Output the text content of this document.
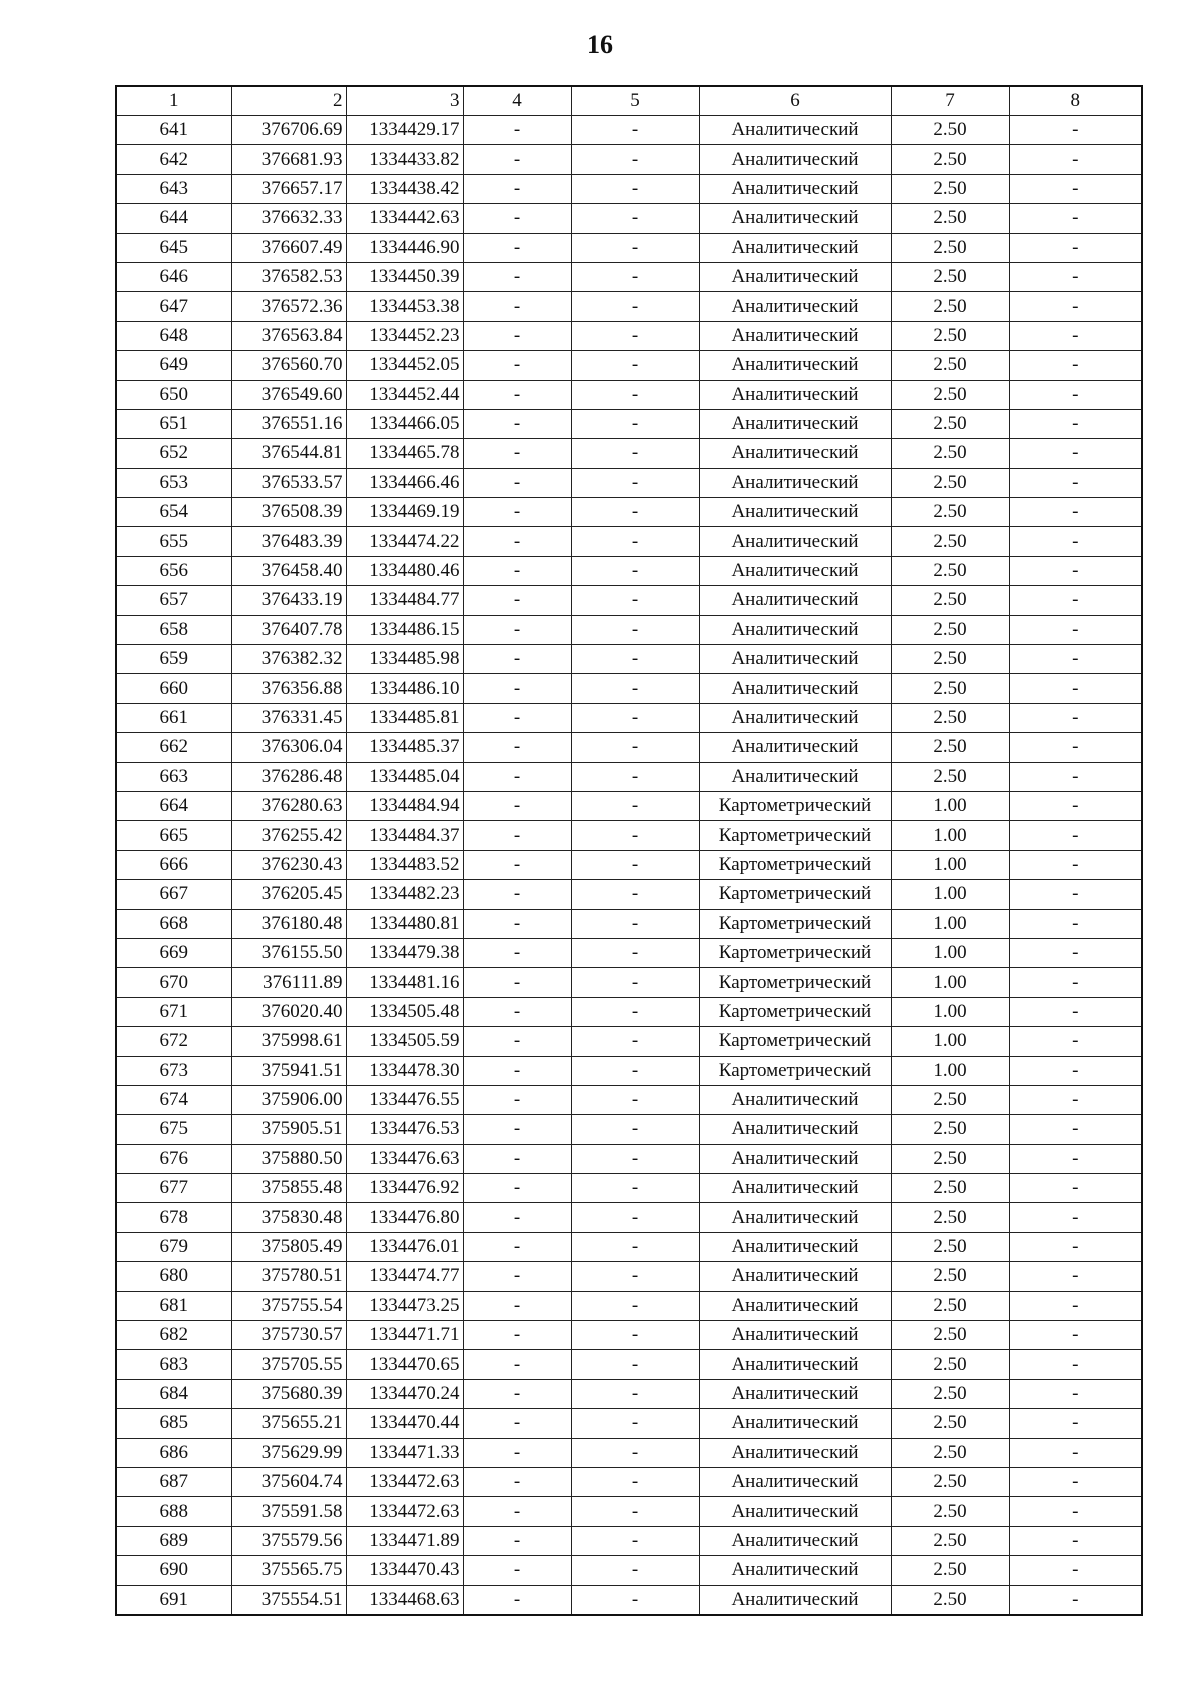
16
1	2	3	4	5	6	7	8
641	376706.69	1334429.17	-	-	Аналитический	2.50	-
642	376681.93	1334433.82	-	-	Аналитический	2.50	-
643	376657.17	1334438.42	-	-	Аналитический	2.50	-
644	376632.33	1334442.63	-	-	Аналитический	2.50	-
645	376607.49	1334446.90	-	-	Аналитический	2.50	-
646	376582.53	1334450.39	-	-	Аналитический	2.50	-
647	376572.36	1334453.38	-	-	Аналитический	2.50	-
648	376563.84	1334452.23	-	-	Аналитический	2.50	-
649	376560.70	1334452.05	-	-	Аналитический	2.50	-
650	376549.60	1334452.44	-	-	Аналитический	2.50	-
651	376551.16	1334466.05	-	-	Аналитический	2.50	-
652	376544.81	1334465.78	-	-	Аналитический	2.50	-
653	376533.57	1334466.46	-	-	Аналитический	2.50	-
654	376508.39	1334469.19	-	-	Аналитический	2.50	-
655	376483.39	1334474.22	-	-	Аналитический	2.50	-
656	376458.40	1334480.46	-	-	Аналитический	2.50	-
657	376433.19	1334484.77	-	-	Аналитический	2.50	-
658	376407.78	1334486.15	-	-	Аналитический	2.50	-
659	376382.32	1334485.98	-	-	Аналитический	2.50	-
660	376356.88	1334486.10	-	-	Аналитический	2.50	-
661	376331.45	1334485.81	-	-	Аналитический	2.50	-
662	376306.04	1334485.37	-	-	Аналитический	2.50	-
663	376286.48	1334485.04	-	-	Аналитический	2.50	-
664	376280.63	1334484.94	-	-	Картометрический	1.00	-
665	376255.42	1334484.37	-	-	Картометрический	1.00	-
666	376230.43	1334483.52	-	-	Картометрический	1.00	-
667	376205.45	1334482.23	-	-	Картометрический	1.00	-
668	376180.48	1334480.81	-	-	Картометрический	1.00	-
669	376155.50	1334479.38	-	-	Картометрический	1.00	-
670	376111.89	1334481.16	-	-	Картометрический	1.00	-
671	376020.40	1334505.48	-	-	Картометрический	1.00	-
672	375998.61	1334505.59	-	-	Картометрический	1.00	-
673	375941.51	1334478.30	-	-	Картометрический	1.00	-
674	375906.00	1334476.55	-	-	Аналитический	2.50	-
675	375905.51	1334476.53	-	-	Аналитический	2.50	-
676	375880.50	1334476.63	-	-	Аналитический	2.50	-
677	375855.48	1334476.92	-	-	Аналитический	2.50	-
678	375830.48	1334476.80	-	-	Аналитический	2.50	-
679	375805.49	1334476.01	-	-	Аналитический	2.50	-
680	375780.51	1334474.77	-	-	Аналитический	2.50	-
681	375755.54	1334473.25	-	-	Аналитический	2.50	-
682	375730.57	1334471.71	-	-	Аналитический	2.50	-
683	375705.55	1334470.65	-	-	Аналитический	2.50	-
684	375680.39	1334470.24	-	-	Аналитический	2.50	-
685	375655.21	1334470.44	-	-	Аналитический	2.50	-
686	375629.99	1334471.33	-	-	Аналитический	2.50	-
687	375604.74	1334472.63	-	-	Аналитический	2.50	-
688	375591.58	1334472.63	-	-	Аналитический	2.50	-
689	375579.56	1334471.89	-	-	Аналитический	2.50	-
690	375565.75	1334470.43	-	-	Аналитический	2.50	-
691	375554.51	1334468.63	-	-	Аналитический	2.50	-
